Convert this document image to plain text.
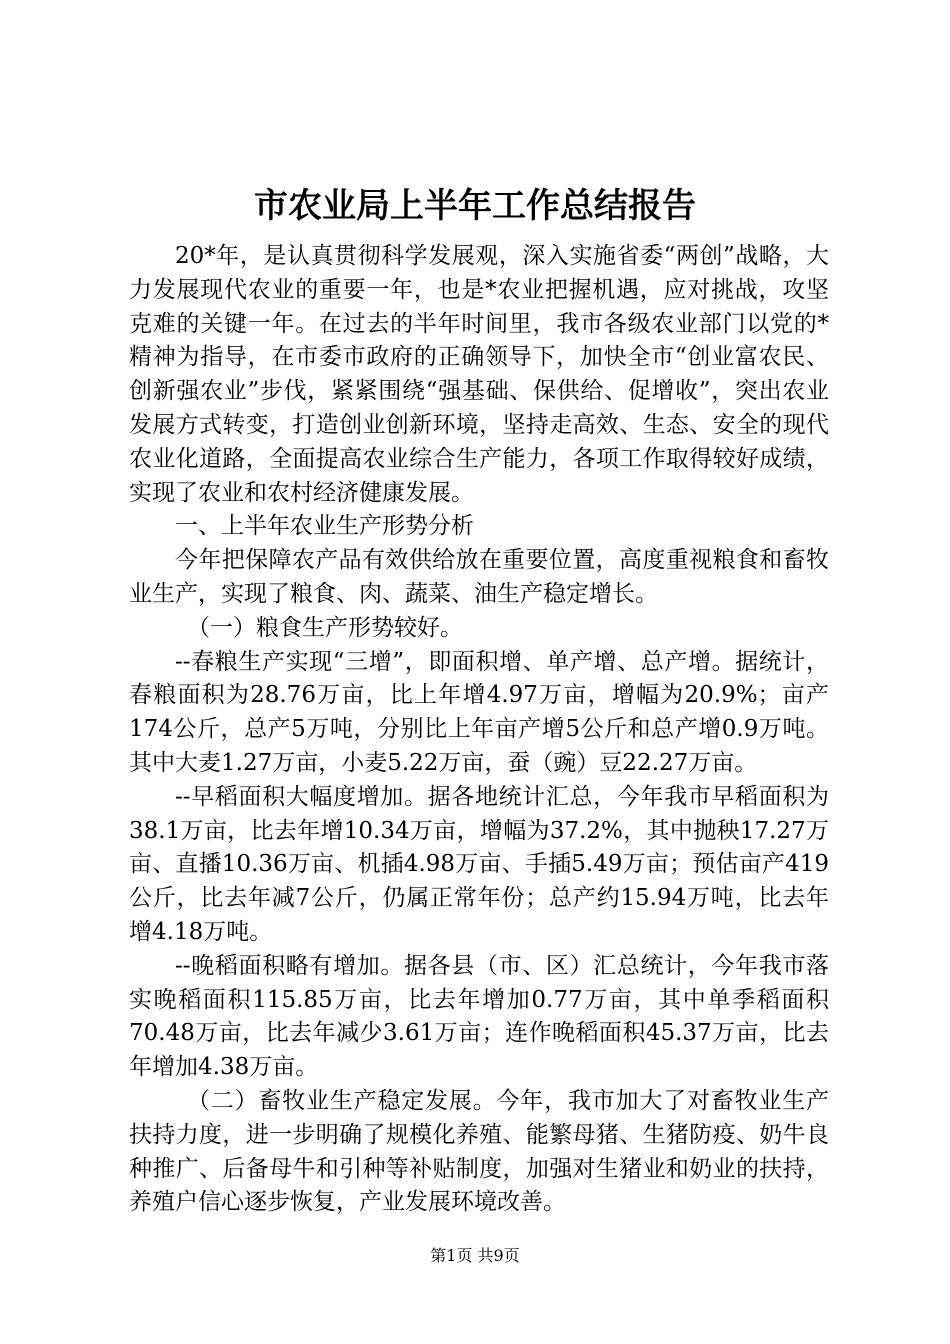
市农业局上半年工作总结报告

20*年，是认真贯彻科学发展观，深入实施省委“两创”战略，大力发展现代农业的重要一年，也是*农业把握机遇，应对挑战，攻坚克难的关键一年。在过去的半年时间里，我市各级农业部门以党的*精神为指导，在市委市政府的正确领导下，加快全市“创业富农民、创新强农业”步伐，紧紧围绕“强基础、保供给、促增收”，突出农业发展方式转变，打造创业创新环境，坚持走高效、生态、安全的现代农业化道路，全面提高农业综合生产能力，各项工作取得较好成绩，实现了农业和农村经济健康发展。

一、上半年农业生产形势分析

今年把保障农产品有效供给放在重要位置，高度重视粮食和畜牧业生产，实现了粮食、肉、蔬菜、油生产稳定增长。

（一）粮食生产形势较好。

--春粮生产实现“三增”，即面积增、单产增、总产增。据统计，春粮面积为28.76万亩，比上年增4.97万亩，增幅为20.9%；亩产174公斤，总产5万吨，分别比上年亩产增5公斤和总产增0.9万吨。其中大麦1.27万亩，小麦5.22万亩，蚕（豌）豆22.27万亩。

--早稻面积大幅度增加。据各地统计汇总，今年我市早稻面积为38.1万亩，比去年增10.34万亩，增幅为37.2%，其中抛秧17.27万亩、直播10.36万亩、机插4.98万亩、手插5.49万亩；预估亩产419公斤，比去年减7公斤，仍属正常年份；总产约15.94万吨，比去年增4.18万吨。

--晚稻面积略有增加。据各县（市、区）汇总统计，今年我市落实晚稻面积115.85万亩，比去年增加0.77万亩，其中单季稻面积70.48万亩，比去年减少3.61万亩；连作晚稻面积45.37万亩，比去年增加4.38万亩。

（二）畜牧业生产稳定发展。今年，我市加大了对畜牧业生产扶持力度，进一步明确了规模化养殖、能繁母猪、生猪防疫、奶牛良种推广、后备母牛和引种等补贴制度，加强对生猪业和奶业的扶持，养殖户信心逐步恢复，产业发展环境改善。

第1页 共9页
